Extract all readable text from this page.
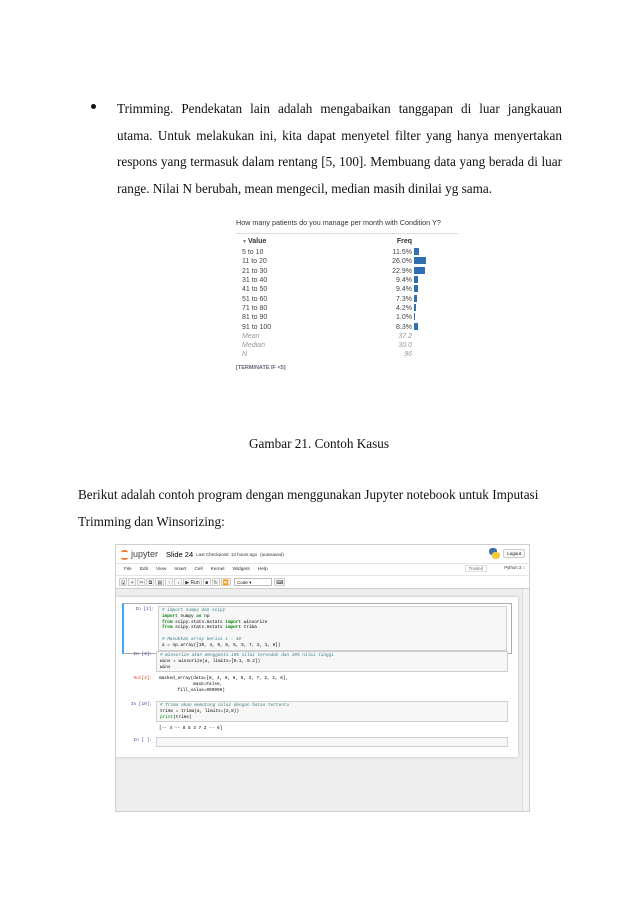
Trimming. Pendekatan lain adalah mengabaikan tanggapan di luar jangkauan utama. Untuk melakukan ini, kita dapat menyetel filter yang hanya menyertakan respons yang termasuk dalam rentang [5, 100]. Membuang data yang berada di luar range. Nilai N berubah, mean mengecil, median masih dinilai yg sama.
How many patients do you manage per month with Condition Y?
▼Value	Freq
5 to 10	11.5%
11 to 20	26.0%
21 to 30	22.9%
31 to 40	9.4%
41 to 50	9.4%
51 to 60	7.3%
71 to 80	4.2%
81 to 90	1.0%
91 to 100	8.3%
Mean	37.2
Median	30.0
N	96
[TERMINATE IF <5]
Gambar 21. Contoh Kasus
Berikut adalah contoh program dengan menggunakan Jupyter notebook untuk Imputasi Trimming dan Winsorizing:
jupyter Slide 24 Last Checkpoint: 13 hours ago (autosaved)	Logout
File Edit View Insert Cell Kernel Widgets Help	Trusted	Python 3 ○
🖫	+	✂	⧉	▤	↑	↓	▶ Run	■	↻	⏩	Code ▾	⌨
In [2]: # import numpy dan scipy
import numpy as np
from scipy.stats.mstats import winsorize
from scipy.stats.mstats import trima
# Masukkan array berisi 1 - 10
a = np.array([10, 4, 9, 8, 5, 3, 7, 2, 1, 6])
In [3]: # Winsorize akan mengganti 10% nilai terendah dan 20% nilai tinggi
wins = winsorize(a, limits=[0.1, 0.2])
wins
Out[3]: masked_array(data=[8, 4, 8, 8, 5, 3, 7, 2, 2, 6],
mask=False,
fill_value=999999)
In [10]: # Trima akan memotong nilai dengan batas tertentu
trims = trima(a, limits=(2,8))
print(trims)
[-- 4 -- 8 5 3 7 2 -- 6]
In [ ]:
